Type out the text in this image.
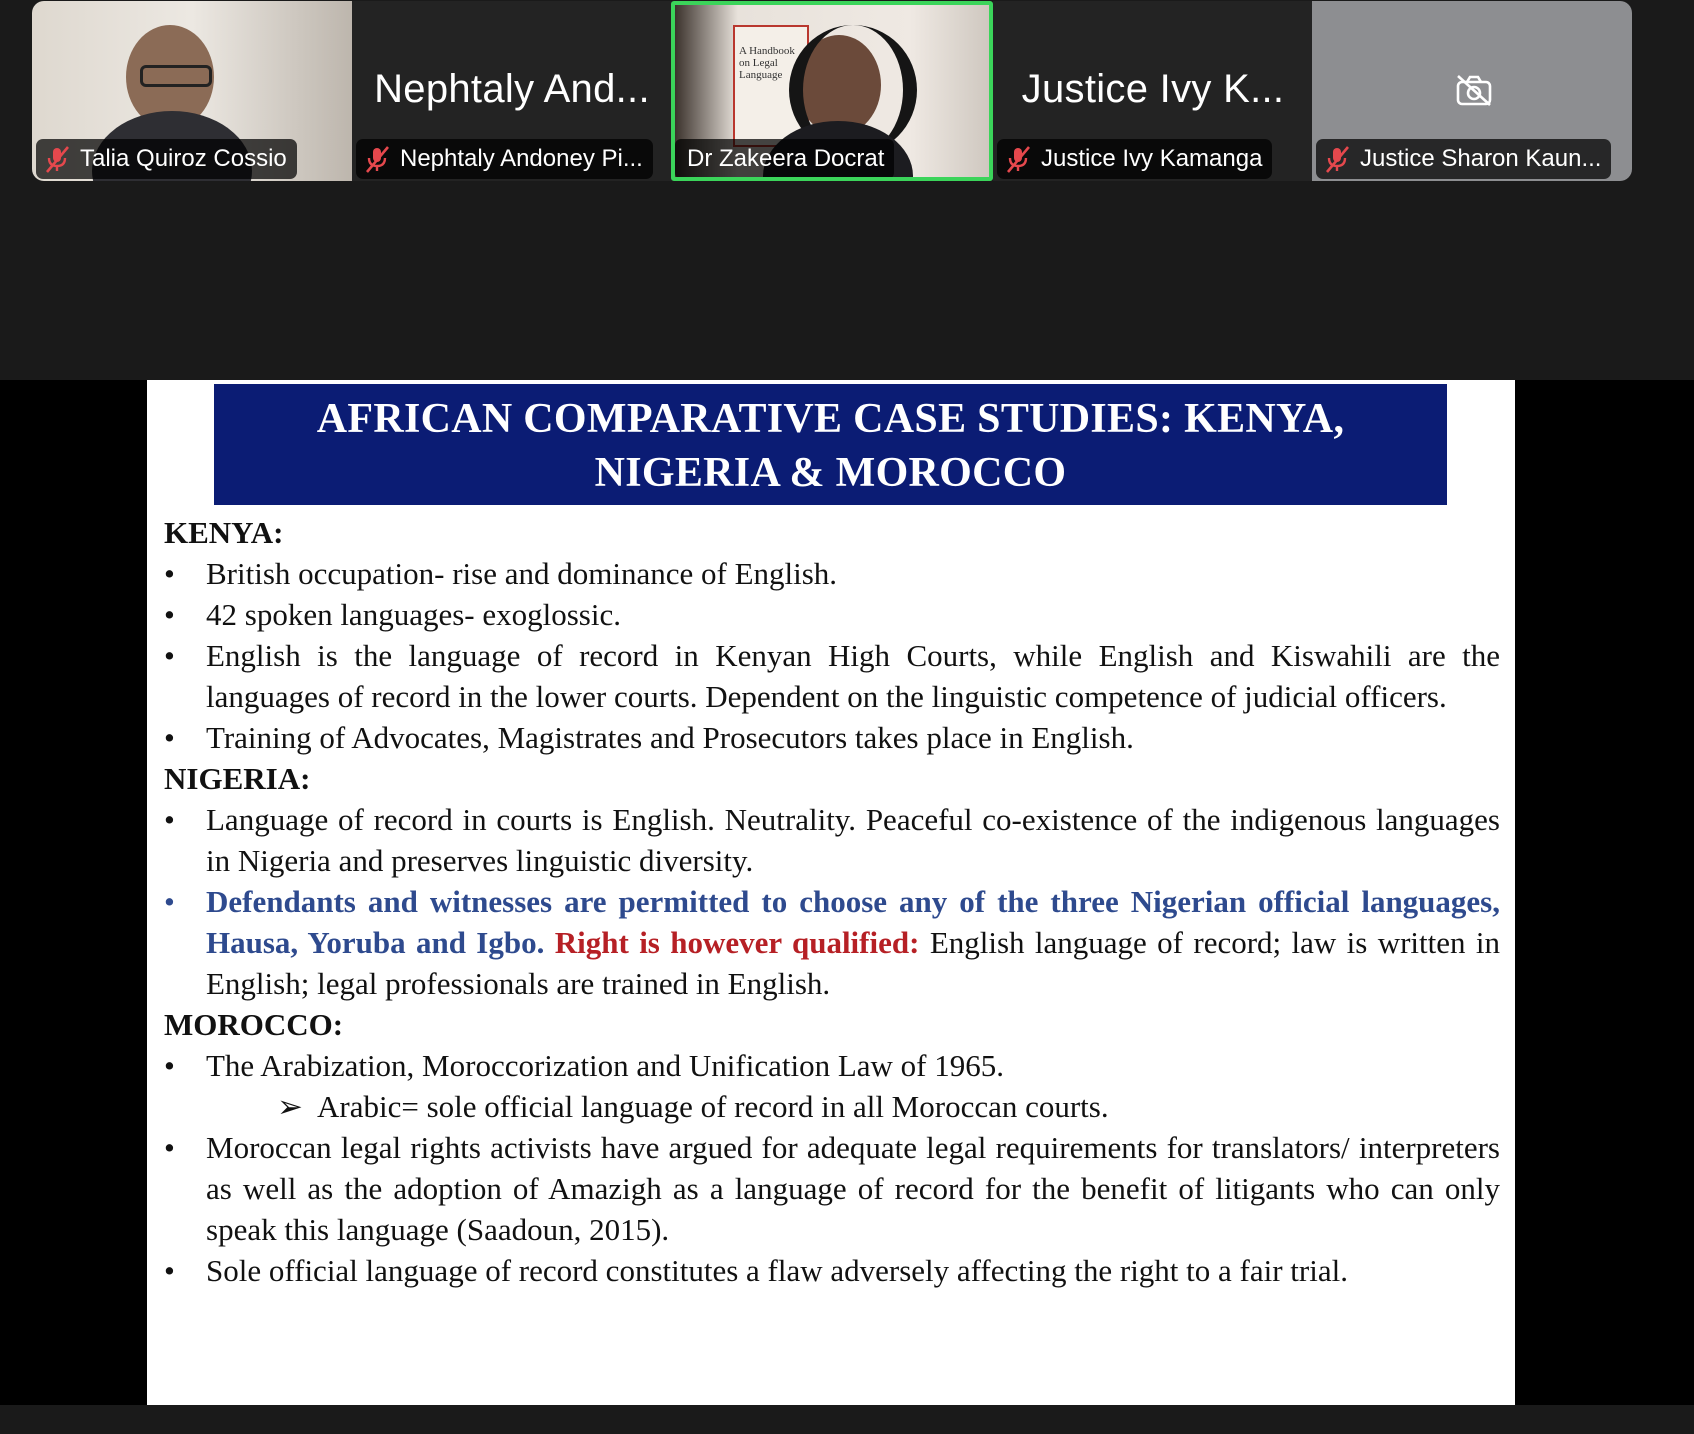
Talia Quiroz Cossio
Nephtaly And...
Nephtaly Andoney Pi...
A Handbook on Legal Language
Dr Zakeera Docrat
Justice Ivy K...
Justice Ivy Kamanga	Justice Sharon Kaun...
AFRICAN COMPARATIVE CASE STUDIES: KENYA,
NIGERIA & MOROCCO
KENYA:
• British occupation- rise and dominance of English.
• 42 spoken languages- exoglossic.
• English is the language of record in Kenyan High Courts, while English and Kiswahili are the languages of record in the lower courts. Dependent on the linguistic competence of judicial officers.
• Training of Advocates, Magistrates and Prosecutors takes place in English.
NIGERIA:
• Language of record in courts is English. Neutrality. Peaceful co-existence of the indigenous languages in Nigeria and preserves linguistic diversity.
• Defendants and witnesses are permitted to choose any of the three Nigerian official languages, Hausa, Yoruba and Igbo. Right is however qualified: English language of record; law is written in English; legal professionals are trained in English.
MOROCCO:
• The Arabization, Moroccorization and Unification Law of 1965.
➢ Arabic= sole official language of record in all Moroccan courts.
• Moroccan legal rights activists have argued for adequate legal requirements for translators/ interpreters as well as the adoption of Amazigh as a language of record for the benefit of litigants who can only speak this language (Saadoun, 2015).
• Sole official language of record constitutes a flaw adversely affecting the right to a fair trial.
